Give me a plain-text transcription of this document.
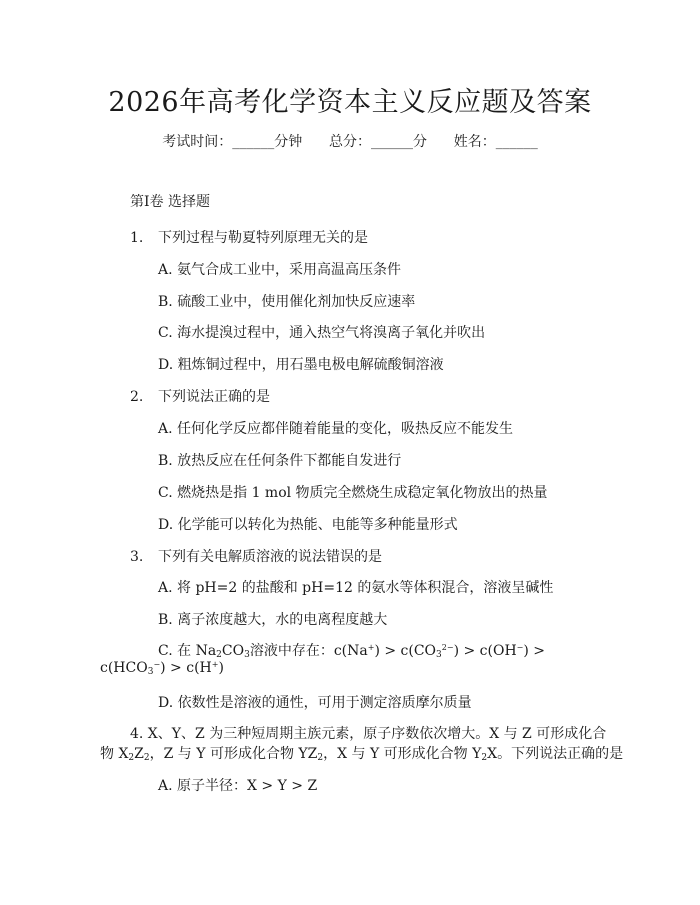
2026年高考化学资本主义反应题及答案
考试时间：______分钟      总分：______分      姓名：______
第Ⅰ卷 选择题
1. 下列过程与勒夏特列原理无关的是
A. 氨气合成工业中，采用高温高压条件
B. 硫酸工业中，使用催化剂加快反应速率
C. 海水提溴过程中，通入热空气将溴离子氧化并吹出
D. 粗炼铜过程中，用石墨电极电解硫酸铜溶液
2. 下列说法正确的是
A. 任何化学反应都伴随着能量的变化，吸热反应不能发生
B. 放热反应在任何条件下都能自发进行
C. 燃烧热是指 1 mol 物质完全燃烧生成稳定氧化物放出的热量
D. 化学能可以转化为热能、电能等多种能量形式
3. 下列有关电解质溶液的说法错误的是
A. 将 pH=2 的盐酸和 pH=12 的氨水等体积混合，溶液呈碱性
B. 离子浓度越大，水的电离程度越大
C. 在 $Na_2CO_3$溶液中存在：$c(Na^+) > c(CO_3^{2-}) > c(OH^-)$ >
$c(HCO_3^-) > c(H^+)$
D. 依数性是溶液的通性，可用于测定溶质摩尔质量
4. X、Y、Z 为三种短周期主族元素，原子序数依次增大。X 与 Z 可形成化合
物 $X_2Z_2$，Z 与 Y 可形成化合物 $YZ_2$，X 与 Y 可形成化合物 $Y_2X$。下列说法正确的是
A. 原子半径：X > Y > Z
